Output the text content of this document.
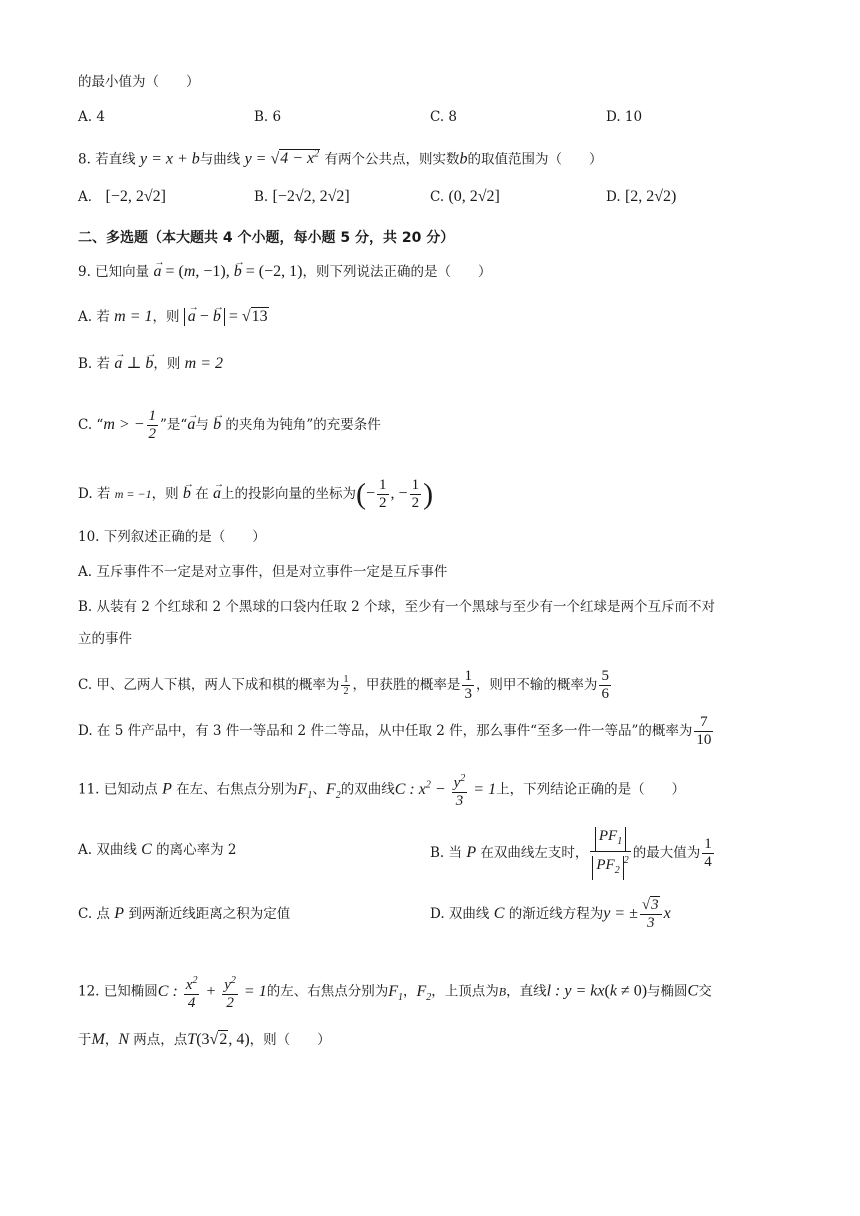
的最小值为（　　）
A. 4	B. 6	C. 8	D. 10
8. 若直线 y = x + b与曲线 $y = √4 - x^2$ 有两个公共点，则实数b的取值范围为（　　）
A． [−2, 2√2]	B. [−2√2, 2√2]	C. (0, 2√2]	D. [2, 2√2)
二、多选题（本大题共 4 个小题，每小题 5 分，共 20 分）
9. 已知向量 → a = (m, −1), → b = (−2, 1)，则下列说法正确的是（　　）
A. 若 m = 1，则 → a − → b = √13
B. 若 → a ⊥ → b，则 m = 2
C. “m > − $\frac{1}{2}$ ”是“→ a与 → b 的夹角为钝角”的充要条件
D. 若 m = −1，则 → b 在 → a上的投影向量的坐标为(− $\frac{1}{2}$ , − $\frac{1}{2}$ )
10. 下列叙述正确的是（　　）
A. 互斥事件不一定是对立事件，但是对立事件一定是互斥事件
B. 从装有 2 个红球和 2 个黑球的口袋内任取 2 个球，至少有一个黑球与至少有一个红球是两个互斥而不对
立的事件
C. 甲、乙两人下棋，两人下成和棋的概率为 $\frac{1}{2}$ ，甲获胜的概率是 $\frac{1}{3}$ ，则甲不输的概率为 $\frac{5}{6}$
D. 在 5 件产品中，有 3 件一等品和 2 件二等品，从中任取 2 件，那么事件“至多一件一等品”的概率为 $\frac{7}{10}$
11. 已知动点 P 在左、右焦点分别为$F_1$、$F_2$的双曲线C : $x^2 - \frac{y^2}{3} = 1$上，下列结论正确的是（　　）
A. 双曲线 C 的离心率为 2	B. 当 P 在双曲线左支时， $\frac{PF_1}{PF_2^2}$ 的最大值为 $\frac{1}{4}$
C. 点 P 到两渐近线距离之积为定值	D. 双曲线 C 的渐近线方程为y = ± $\frac{√3}{3}$ x
12. 已知椭圆C : $\frac{x^2}{4} + \frac{y^2}{2} = 1$的左、右焦点分别为$F_1$，$F_2$，上顶点为B，直线l : y = kx(k ≠ 0)与椭圆C交
于M，N 两点，点T(3√2, 4)，则（　　）
